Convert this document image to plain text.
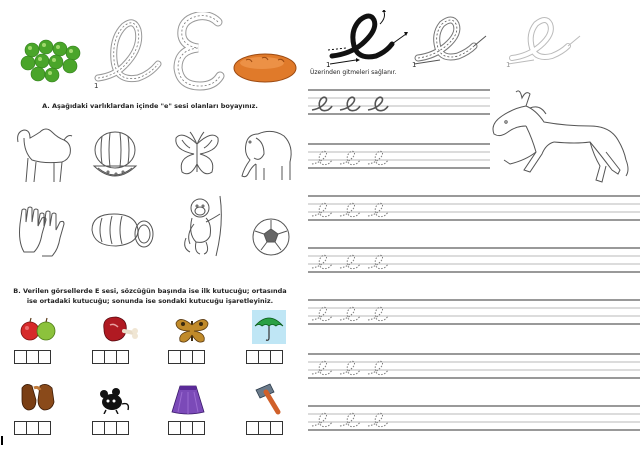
1
A. Aşağıdaki varlıklardan içinde "e" sesi olanları boyayınız.
B. Verilen görsellerde E sesi, sözcüğün başında ise ilk kutucuğu; ortasında ise ortadaki kutucuğu; sonunda ise sondaki kutucuğu işaretleyiniz.
1	1	1
Üzerinden gitmeleri sağlanır.
